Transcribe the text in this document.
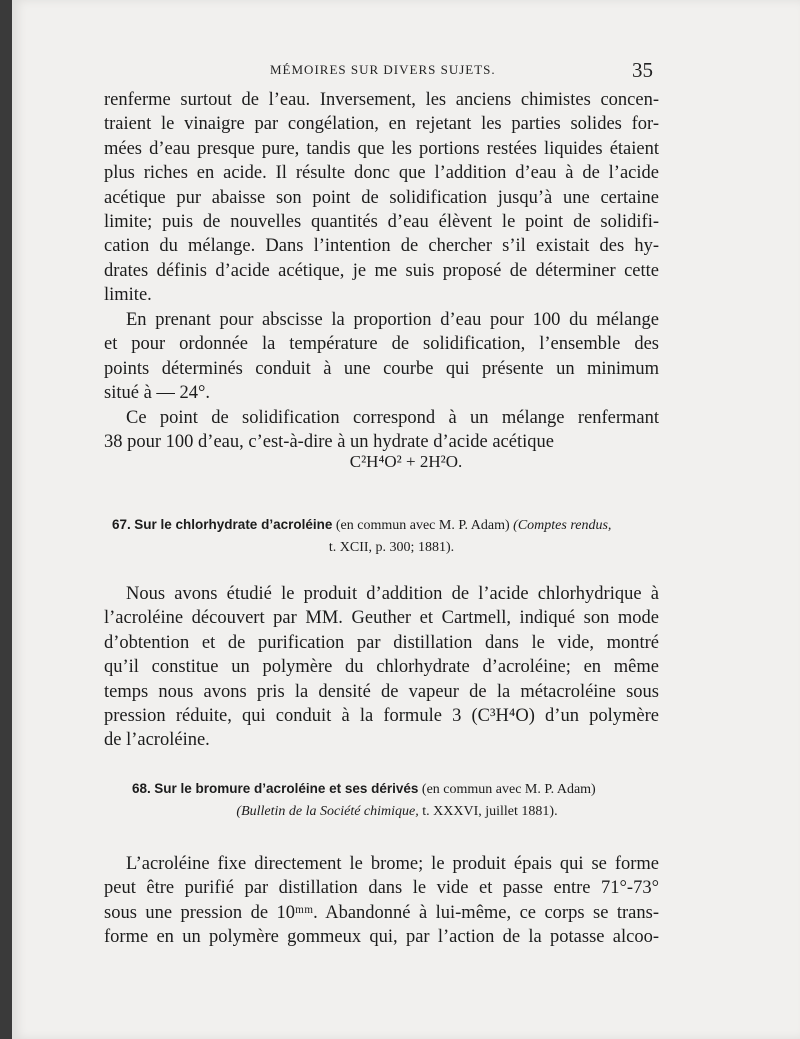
MÉMOIRES SUR DIVERS SUJETS.	35

renferme surtout de l’eau. Inversement, les anciens chimistes concen-
traient le vinaigre par congélation, en rejetant les parties solides for-
mées d’eau presque pure, tandis que les portions restées liquides étaient
plus riches en acide. Il résulte donc que l’addition d’eau à de l’acide
acétique pur abaisse son point de solidification jusqu’à une certaine
limite; puis de nouvelles quantités d’eau élèvent le point de solidifi-
cation du mélange. Dans l’intention de chercher s’il existait des hy-
drates définis d’acide acétique, je me suis proposé de déterminer cette
limite.

En prenant pour abscisse la proportion d’eau pour 100 du mélange
et pour ordonnée la température de solidification, l’ensemble des
points déterminés conduit à une courbe qui présente un minimum
situé à — 24°.

Ce point de solidification correspond à un mélange renfermant
38 pour 100 d’eau, c’est-à-dire à un hydrate d’acide acétique

C²H⁴O² + 2H²O.
67. Sur le chlorhydrate d’acroléine (en commun avec M. P. Adam) (Comptes rendus,
t. XCII, p. 300; 1881).

Nous avons étudié le produit d’addition de l’acide chlorhydrique à
l’acroléine découvert par MM. Geuther et Cartmell, indiqué son mode
d’obtention et de purification par distillation dans le vide, montré
qu’il constitue un polymère du chlorhydrate d’acroléine; en même
temps nous avons pris la densité de vapeur de la métacroléine sous
pression réduite, qui conduit à la formule 3 (C³H⁴O) d’un polymère
de l’acroléine.

68. Sur le bromure d’acroléine et ses dérivés (en commun avec M. P. Adam)
(Bulletin de la Société chimique, t. XXXVI, juillet 1881).

L’acroléine fixe directement le brome; le produit épais qui se forme
peut être purifié par distillation dans le vide et passe entre 71°-73°
sous une pression de 10ᵐᵐ. Abandonné à lui-même, ce corps se trans-
forme en un polymère gommeux qui, par l’action de la potasse alcoo-
